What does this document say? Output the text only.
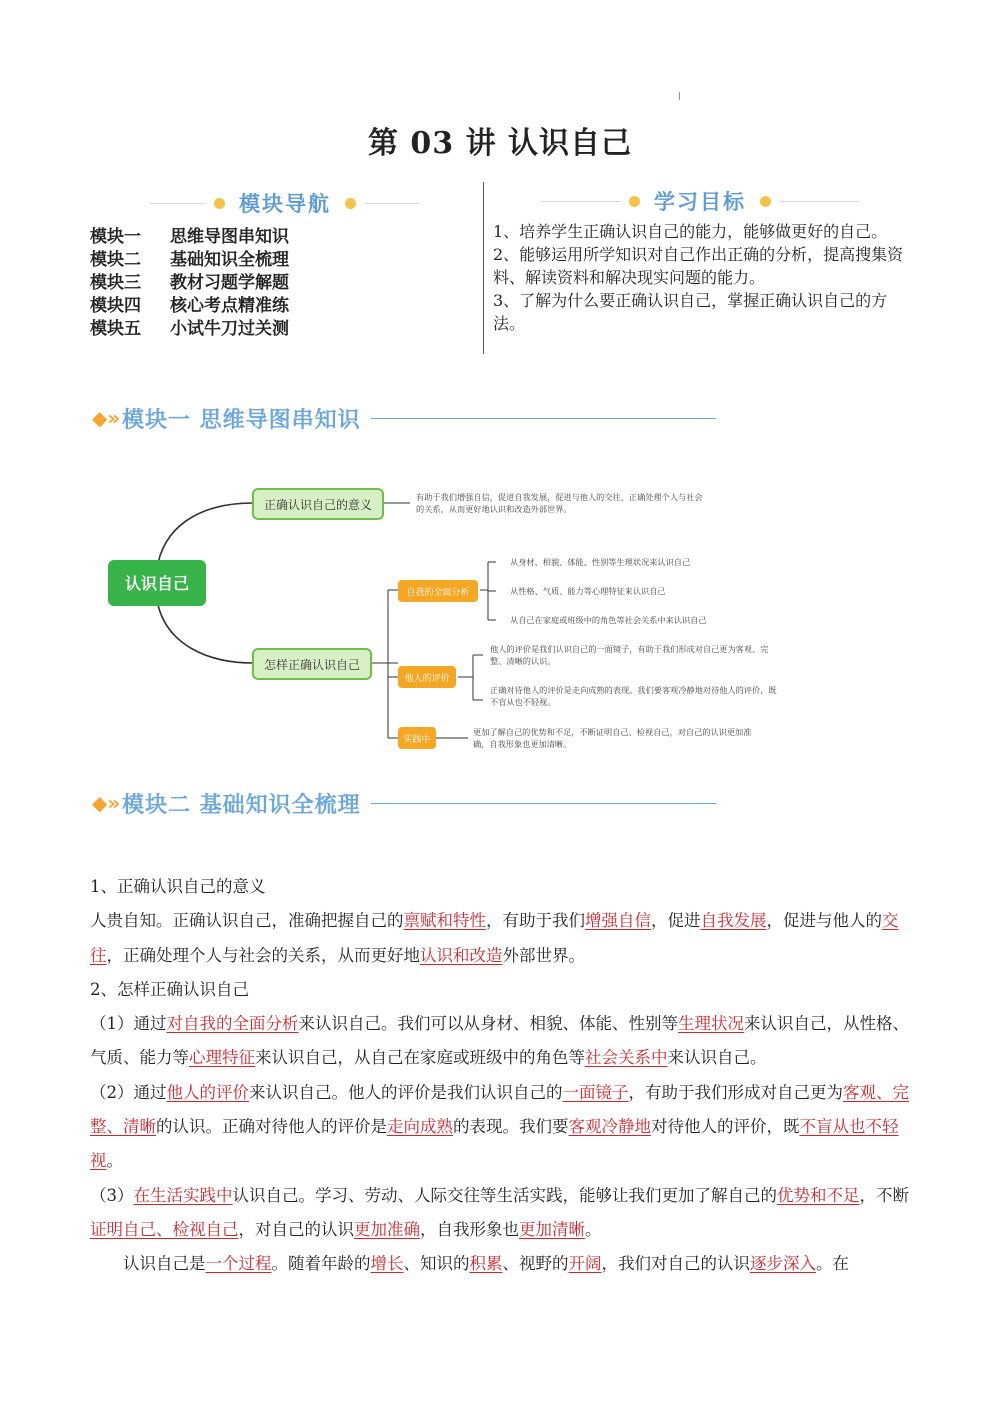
第 03 讲 认识自己
模块导航
模块一	思维导图串知识
模块二	基础知识全梳理
模块三	教材习题学解题
模块四	核心考点精准练
模块五	小试牛刀过关测
学习目标

1、培养学生正确认识自己的能力，能够做更好的自己。

2、能够运用所学知识对自己作出正确的分析，提高搜集资料、解读资料和解决现实问题的能力。

3、了解为什么要正确认识自己，掌握正确认识自己的方法。

◆» 模块一 思维导图串知识
认识自己
正确认识自己的意义
有助于我们增强自信，促进自我发展，促进与他人的交往，正确处理个人与社会
的关系，从而更好地认识和改造外部世界。
怎样正确认识自己
自我的全面分析
从身材、相貌、体能、性别等生理状况来认识自己
从性格、气质、能力等心理特征来认识自己
从自己在家庭或班级中的角色等社会关系中来认识自己
他人的评价
他人的评价是我们认识自己的一面镜子，有助于我们形成对自己更为客观、完
整、清晰的认识。
正确对待他人的评价是走向成熟的表现。我们要客观冷静地对待他人的评价，既
不盲从也不轻视。
实践中
更加了解自己的优势和不足，不断证明自己、检视自己，对自己的认识更加准
确，自我形象也更加清晰。
◆» 模块二 基础知识全梳理

1、正确认识自己的意义

人贵自知。正确认识自己，准确把握自己的禀赋和特性，有助于我们增强自信，促进自我发展，促进与他人的交往，正确处理个人与社会的关系，从而更好地认识和改造外部世界。

2、怎样正确认识自己

（1）通过对自我的全面分析来认识自己。我们可以从身材、相貌、体能、性别等生理状况来认识自己，从性格、气质、能力等心理特征来认识自己，从自己在家庭或班级中的角色等社会关系中来认识自己。

（2）通过他人的评价来认识自己。他人的评价是我们认识自己的一面镜子，有助于我们形成对自己更为客观、完整、清晰的认识。正确对待他人的评价是走向成熟的表现。我们要客观冷静地对待他人的评价，既不盲从也不轻视。

（3）在生活实践中认识自己。学习、劳动、人际交往等生活实践，能够让我们更加了解自己的优势和不足，不断证明自己、检视自己，对自己的认识更加准确，自我形象也更加清晰。

认识自己是一个过程。随着年龄的增长、知识的积累、视野的开阔，我们对自己的认识逐步深入。在
